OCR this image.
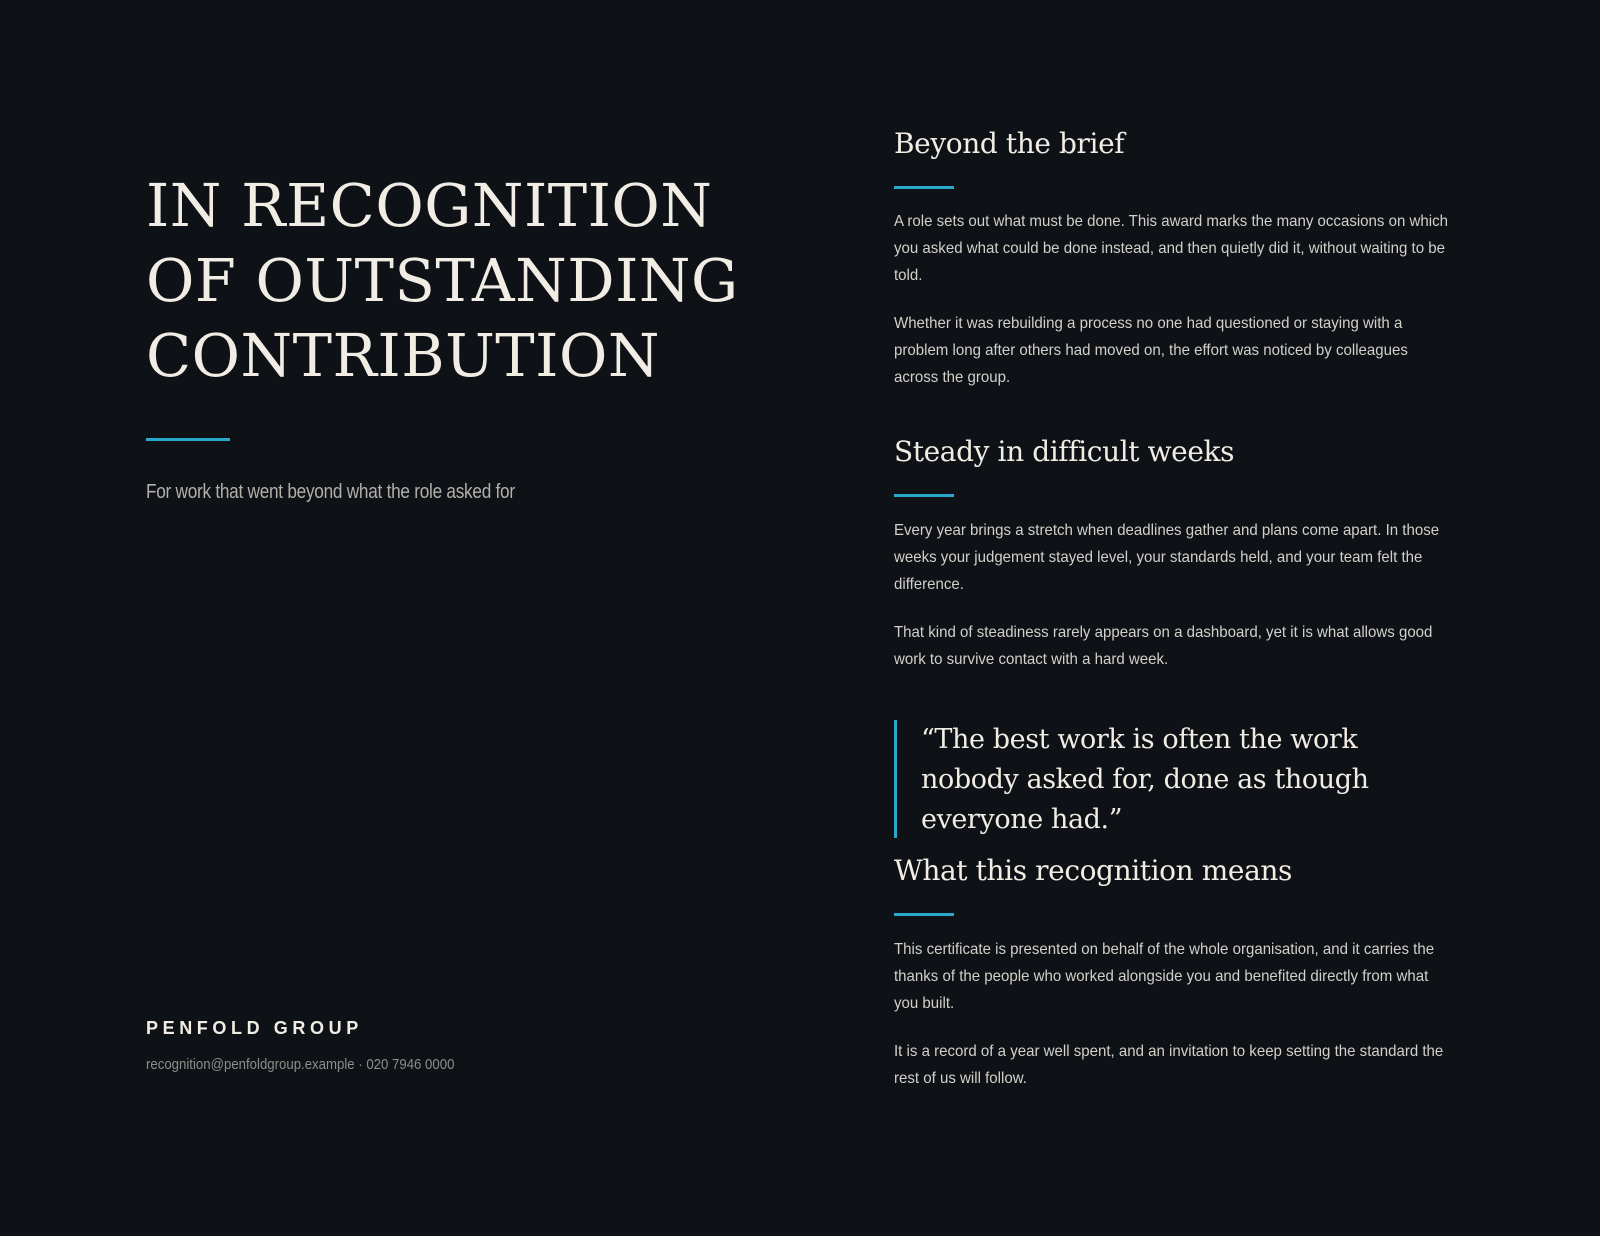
IN RECOGNITION
OF OUTSTANDING
CONTRIBUTION

For work that went beyond what the role asked for

PENFOLD GROUP

recognition@penfoldgroup.example · 020 7946 0000

Beyond the brief

A role sets out what must be done. This award marks the many occasions on which you asked what could be done instead, and then quietly did it, without waiting to be told.

Whether it was rebuilding a process no one had questioned or staying with a problem long after others had moved on, the effort was noticed by colleagues across the group.

Steady in difficult weeks

Every year brings a stretch when deadlines gather and plans come apart. In those weeks your judgement stayed level, your standards held, and your team felt the difference.

That kind of steadiness rarely appears on a dashboard, yet it is what allows good work to survive contact with a hard week.

“The best work is often the work nobody asked for, done as though everyone had.”

What this recognition means

This certificate is presented on behalf of the whole organisation, and it carries the thanks of the people who worked alongside you and benefited directly from what you built.

It is a record of a year well spent, and an invitation to keep setting the standard the rest of us will follow.
